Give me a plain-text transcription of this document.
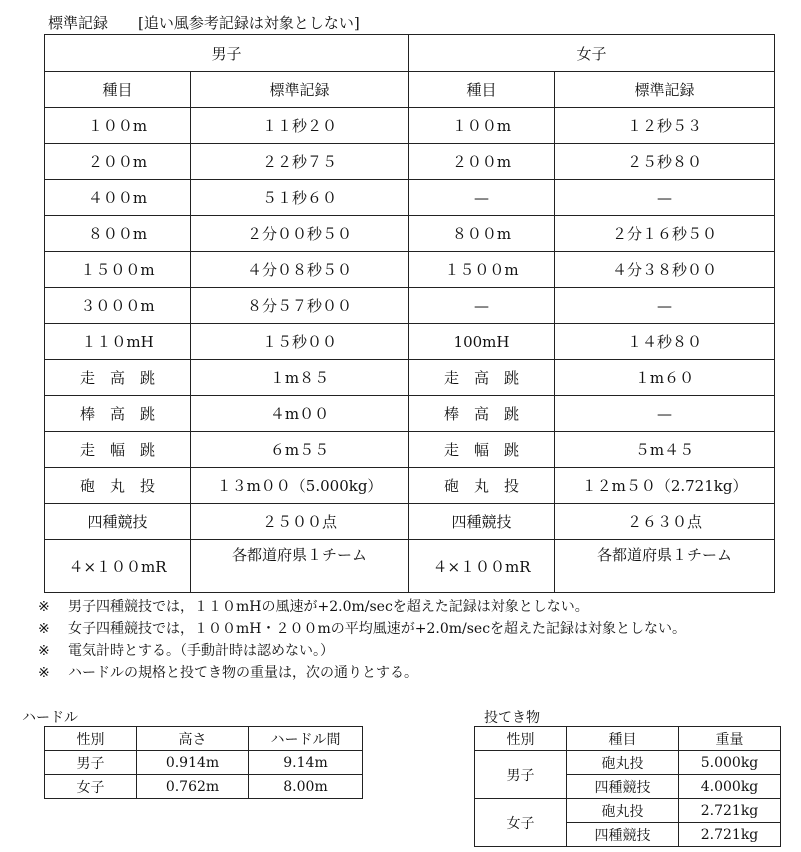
標準記録　　[追い風参考記録は対象としない]
男子		女子	
種目	標準記録	種目	標準記録
１００m	１１秒２０	１００m	１２秒５３
２００m	２２秒７５	２００m	２５秒８０
４００m	５１秒６０	—	—
８００m	２分００秒５０	８００m	２分１６秒５０
１５００m	４分０８秒５０	１５００m	４分３８秒００
３０００m	８分５７秒００	—	—
１１０mH	１５秒００	100mH	１４秒８０
走　高　跳	１m８５	走　高　跳	１m６０
棒　高　跳	４m００	棒　高　跳	—
走　幅　跳	６m５５	走　幅　跳	５m４５
砲　丸　投	１３m００（5.000kg）	砲　丸　投	１２m５０（2.721kg）
四種競技	２５００点	四種競技	２６３０点
４×１００mR	各都道府県１チーム	４×１００mR	各都道府県１チーム
※ 男子四種競技では，１１０mHの風速が+2.0m/secを超えた記録は対象としない。
※ 女子四種競技では，１００mH・２００mの平均風速が+2.0m/secを超えた記録は対象としない。
※ 電気計時とする。（手動計時は認めない。）
※ ハードルの規格と投てき物の重量は，次の通りとする。
ハードル
性別	高さ	ハードル間
男子	0.914m	9.14m
女子	0.762m	8.00m
投てき物
性別	種目	重量
男子	砲丸投	5.000kg
	四種競技	4.000kg
女子	砲丸投	2.721kg
	四種競技	2.721kg
